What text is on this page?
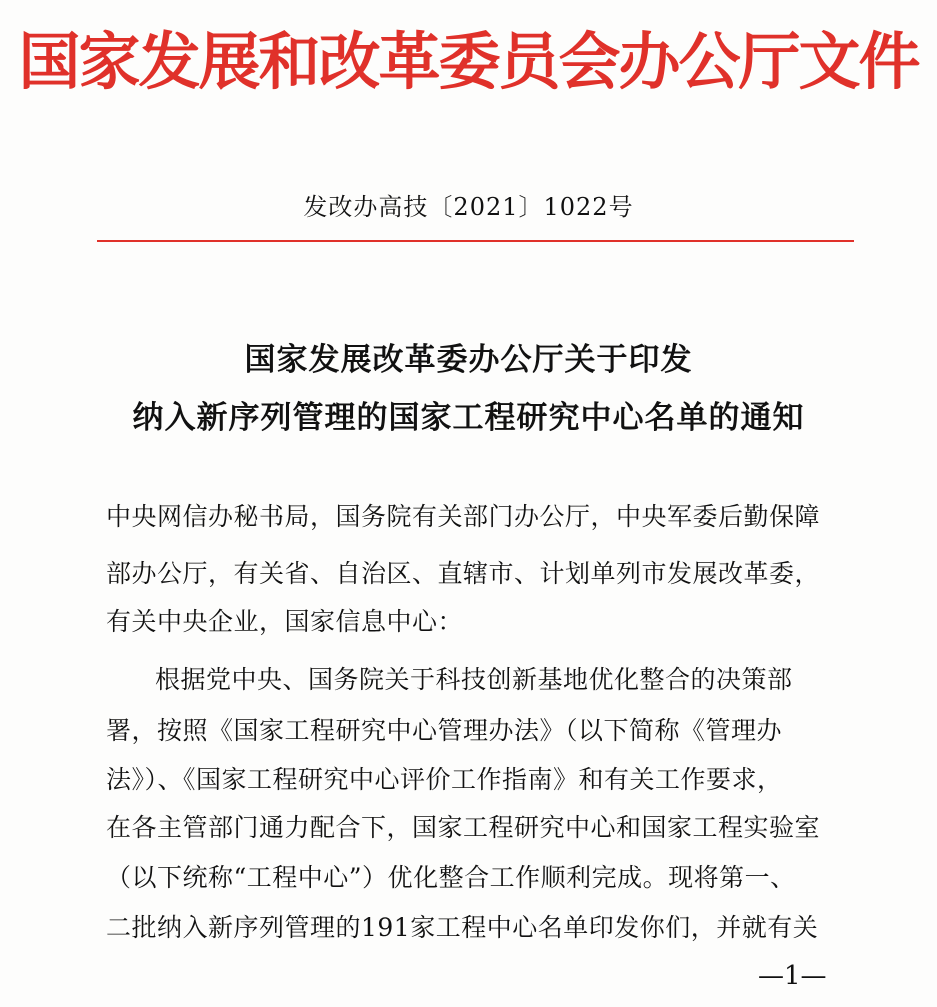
国家发展和改革委员会办公厅文件
发改办高技〔2021〕1022号
国家发展改革委办公厅关于印发
纳入新序列管理的国家工程研究中心名单的通知
中央网信办秘书局，国务院有关部门办公厅，中央军委后勤保障
部办公厅，有关省、自治区、直辖市、计划单列市发展改革委，
有关中央企业，国家信息中心：
根据党中央、国务院关于科技创新基地优化整合的决策部
署，按照《国家工程研究中心管理办法》（以下简称《管理办
法》）、《国家工程研究中心评价工作指南》和有关工作要求，
在各主管部门通力配合下，国家工程研究中心和国家工程实验室
（以下统称“工程中心”）优化整合工作顺利完成。现将第一、
二批纳入新序列管理的191家工程中心名单印发你们，并就有关
—1—
